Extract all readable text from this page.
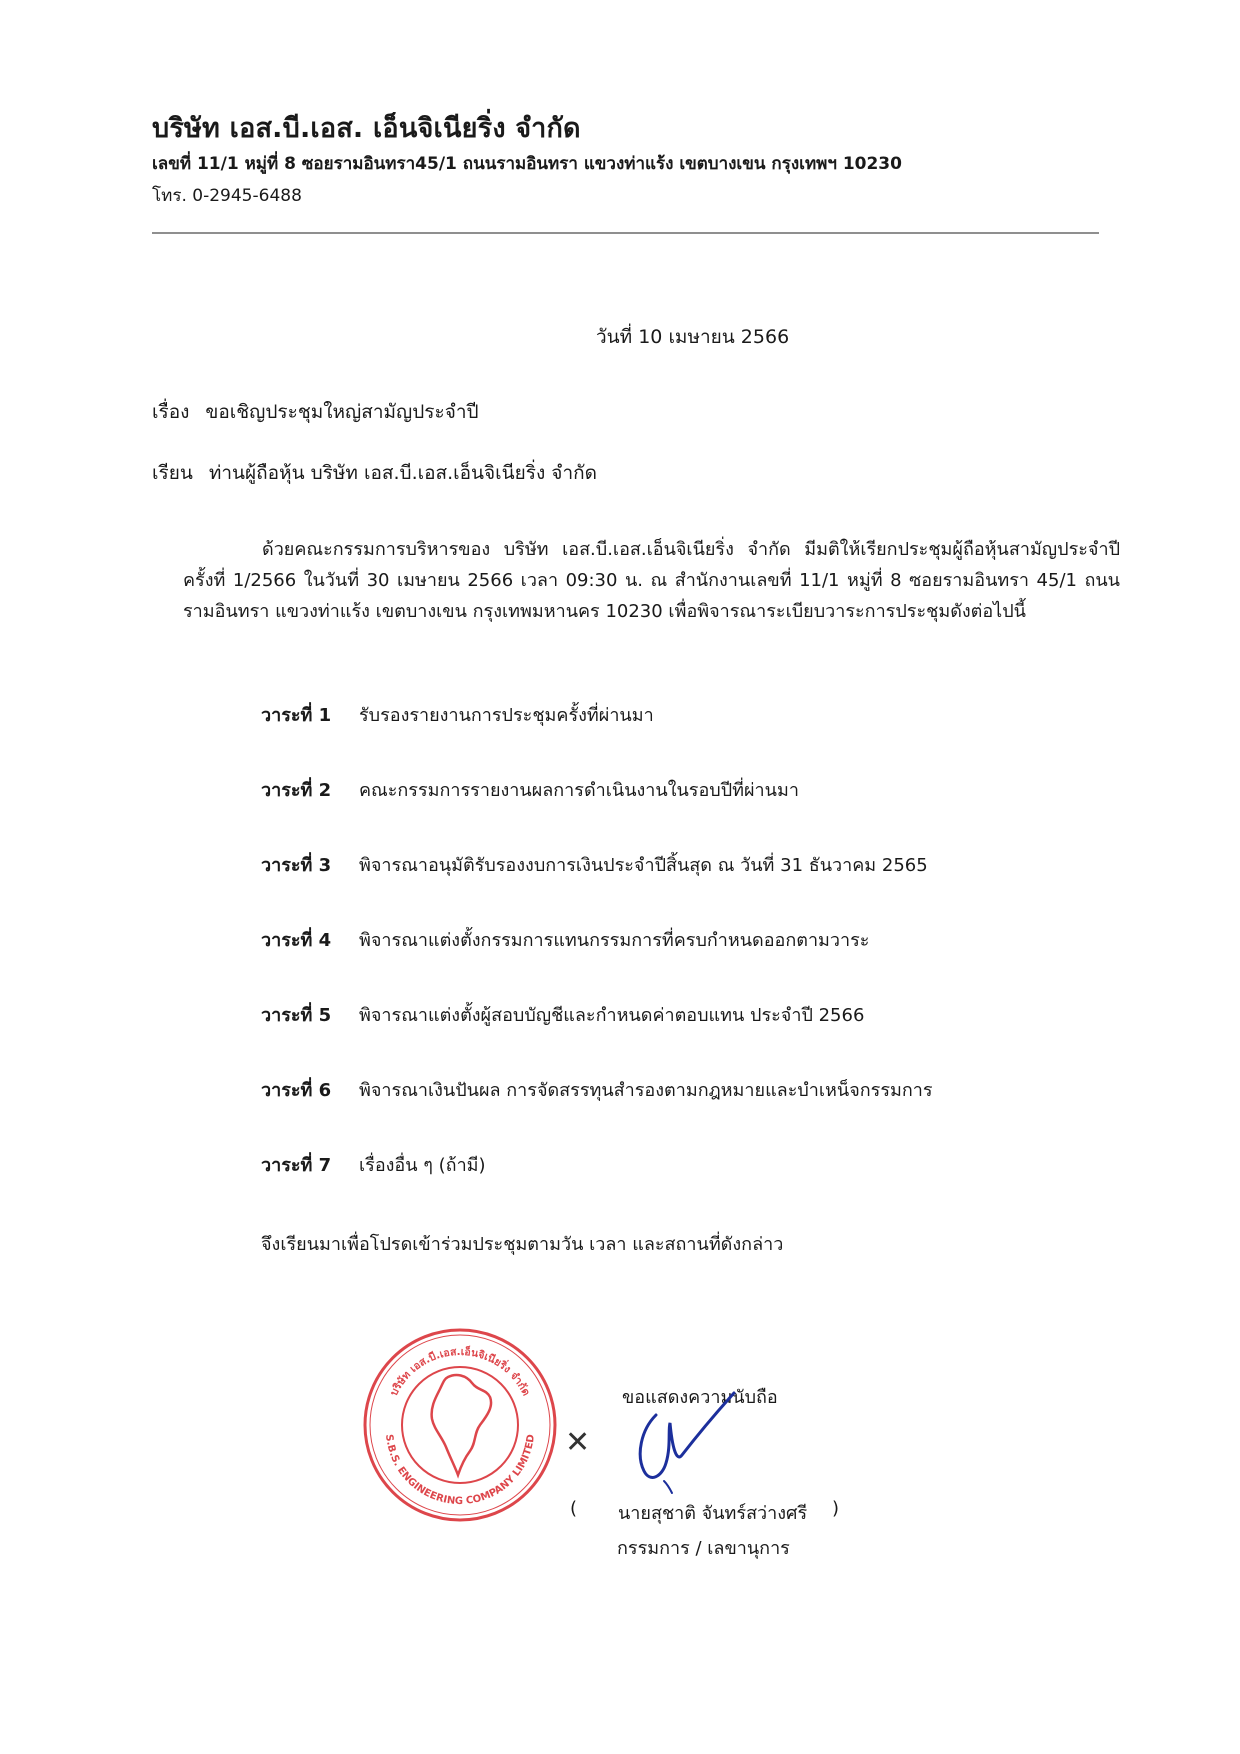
บริษัท เอส.บี.เอส. เอ็นจิเนียริ่ง จำกัด
เลขที่ 11/1 หมู่ที่ 8 ซอยรามอินทรา45/1 ถนนรามอินทรา แขวงท่าแร้ง เขตบางเขน กรุงเทพฯ 10230
โทร. 0-2945-6488
วันที่ 10 เมษายน 2566
เรื่อง ขอเชิญประชุมใหญ่สามัญประจำปี
เรียน ท่านผู้ถือหุ้น บริษัท เอส.บี.เอส.เอ็นจิเนียริ่ง จำกัด

ด้วยคณะกรรมการบริหารของ บริษัท เอส.บี.เอส.เอ็นจิเนียริ่ง จำกัด มีมติให้เรียกประชุมผู้ถือหุ้นสามัญประจำปี ครั้งที่ 1/2566 ในวันที่ 30 เมษายน 2566 เวลา 09:30 น. ณ สำนักงานเลขที่ 11/1 หมู่ที่ 8 ซอยรามอินทรา 45/1 ถนนรามอินทรา แขวงท่าแร้ง เขตบางเขน กรุงเทพมหานคร 10230 เพื่อพิจารณาระเบียบวาระการประชุมดังต่อไปนี้

วาระที่ 1 รับรองรายงานการประชุมครั้งที่ผ่านมา
วาระที่ 2 คณะกรรมการรายงานผลการดำเนินงานในรอบปีที่ผ่านมา
วาระที่ 3 พิจารณาอนุมัติรับรองงบการเงินประจำปีสิ้นสุด ณ วันที่ 31 ธันวาคม 2565
วาระที่ 4 พิจารณาแต่งตั้งกรรมการแทนกรรมการที่ครบกำหนดออกตามวาระ
วาระที่ 5 พิจารณาแต่งตั้งผู้สอบบัญชีและกำหนดค่าตอบแทน ประจำปี 2566
วาระที่ 6 พิจารณาเงินปันผล การจัดสรรทุนสำรองตามกฎหมายและบำเหน็จกรรมการ
วาระที่ 7 เรื่องอื่น ๆ (ถ้ามี)
จึงเรียนมาเพื่อโปรดเข้าร่วมประชุมตามวัน เวลา และสถานที่ดังกล่าว
บริษัท เอส.บี.เอส.เอ็นจิเนียริ่ง จำกัด
S.B.S. ENGINEERING COMPANY LIMITED ✕
ขอแสดงความนับถือ
( นายสุชาติ จันทร์สว่างศรี )
กรรมการ / เลขานุการ
